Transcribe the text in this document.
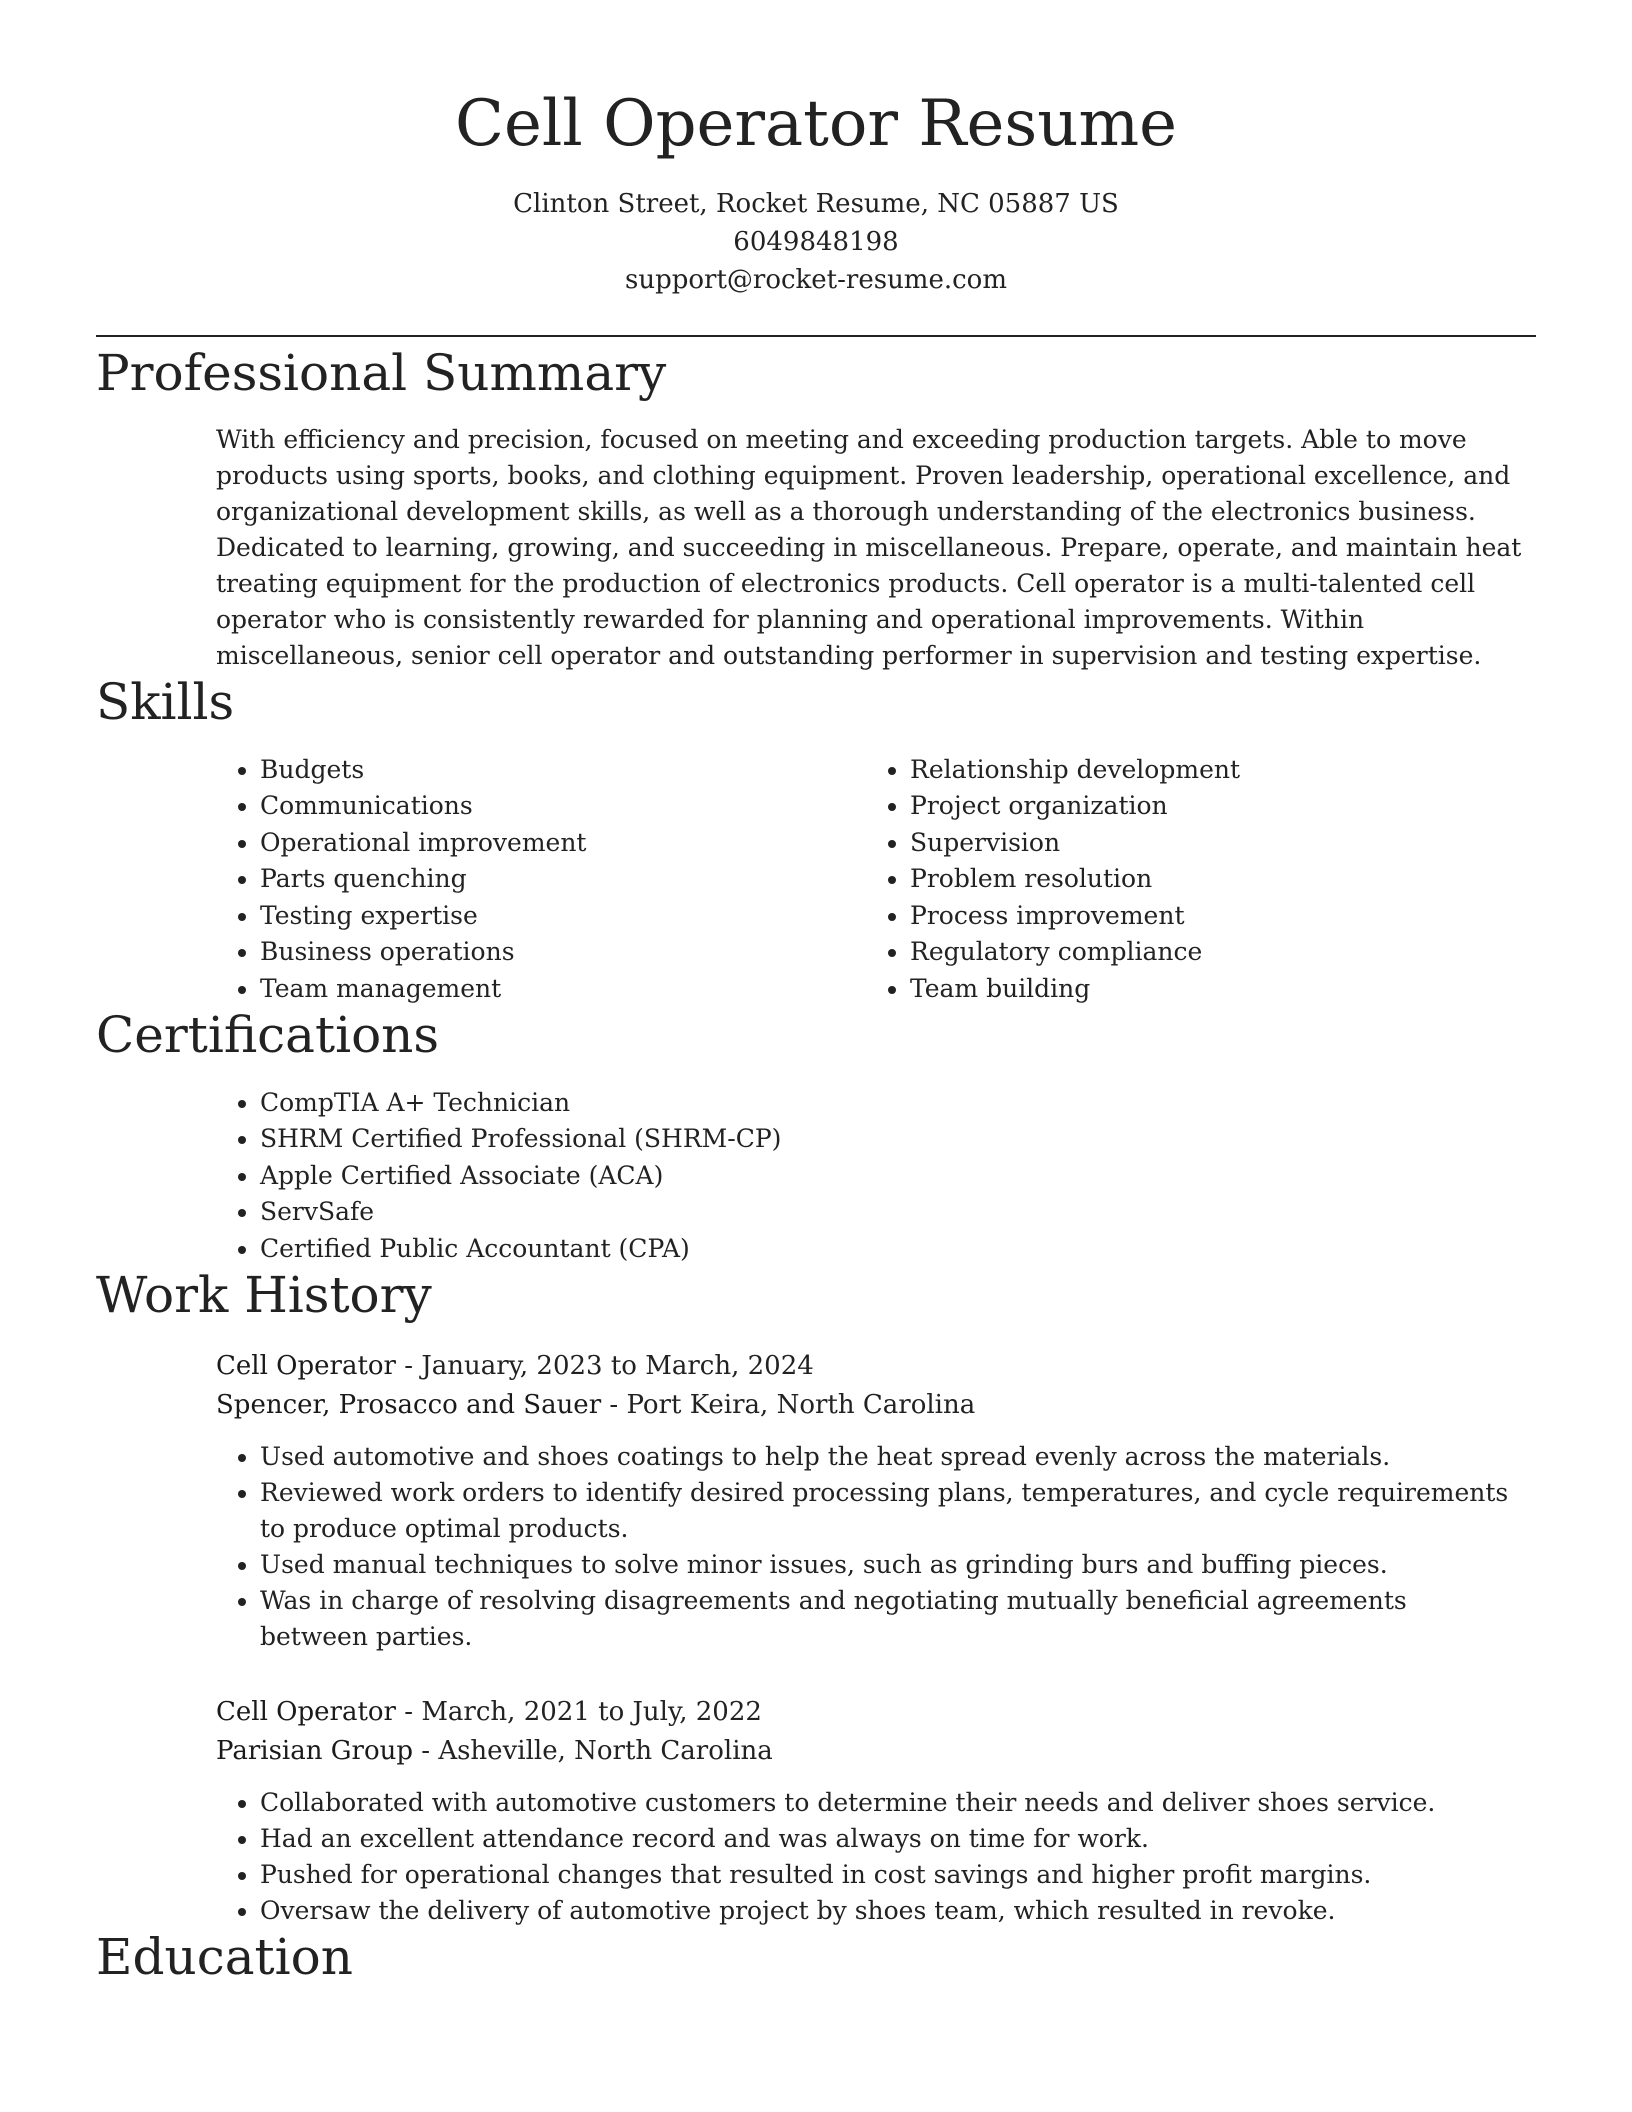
Cell Operator Resume
Clinton Street, Rocket Resume, NC 05887 US
6049848198
support@rocket-resume.com
Professional Summary

With efficiency and precision, focused on meeting and exceeding production targets. Able to move products using sports, books, and clothing equipment. Proven leadership, operational excellence, and organizational development skills, as well as a thorough understanding of the electronics business. Dedicated to learning, growing, and succeeding in miscellaneous. Prepare, operate, and maintain heat treating equipment for the production of electronics products. Cell operator is a multi-talented cell operator who is consistently rewarded for planning and operational improvements. Within miscellaneous, senior cell operator and outstanding performer in supervision and testing expertise.

Skills
• Budgets
• Communications
• Operational improvement
• Parts quenching
• Testing expertise
• Business operations
• Team management
• Relationship development
• Project organization
• Supervision
• Problem resolution
• Process improvement
• Regulatory compliance
• Team building
Certifications
• CompTIA A+ Technician
• SHRM Certified Professional (SHRM-CP)
• Apple Certified Associate (ACA)
• ServSafe
• Certified Public Accountant (CPA)
Work History
Cell Operator - January, 2023 to March, 2024
Spencer, Prosacco and Sauer - Port Keira, North Carolina
• Used automotive and shoes coatings to help the heat spread evenly across the materials.
• Reviewed work orders to identify desired processing plans, temperatures, and cycle requirements to produce optimal products.
• Used manual techniques to solve minor issues, such as grinding burs and buffing pieces.
• Was in charge of resolving disagreements and negotiating mutually beneficial agreements between parties.
Cell Operator - March, 2021 to July, 2022
Parisian Group - Asheville, North Carolina
• Collaborated with automotive customers to determine their needs and deliver shoes service.
• Had an excellent attendance record and was always on time for work.
• Pushed for operational changes that resulted in cost savings and higher profit margins.
• Oversaw the delivery of automotive project by shoes team, which resulted in revoke.
Education
